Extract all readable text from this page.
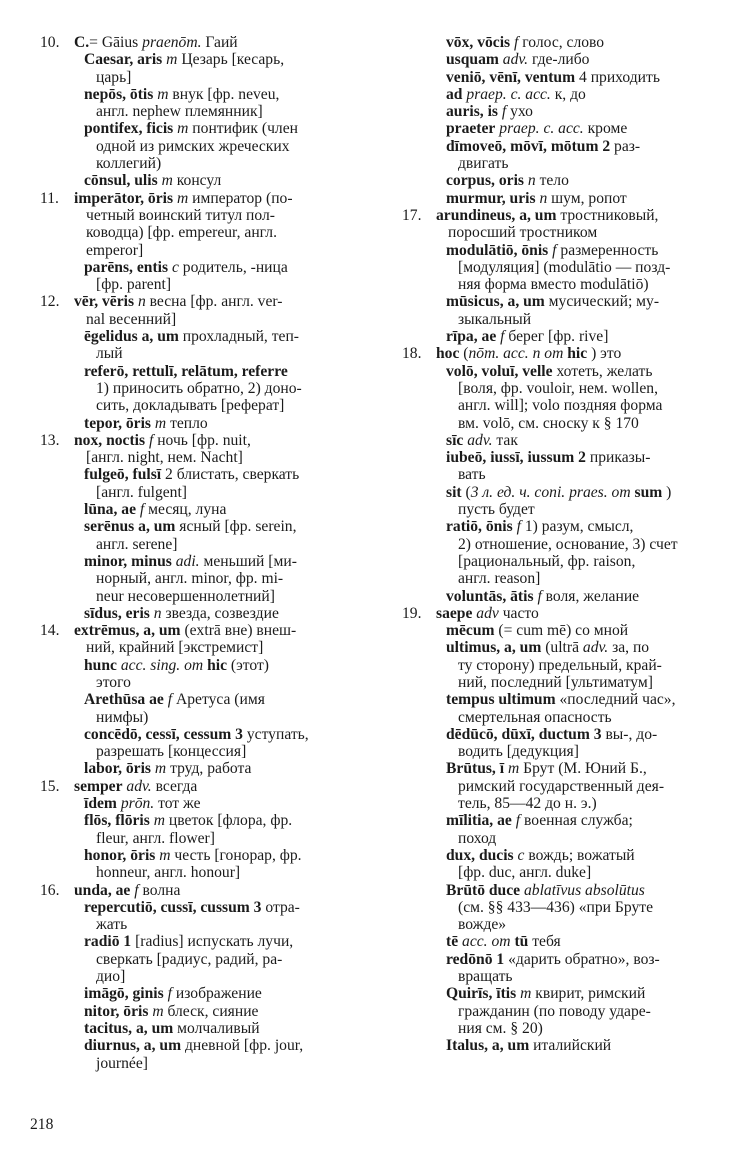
10. C.= Gāius praenōm. Гаий
Caesar, aris m Цезарь [кесарь,
царь]
nepōs, ōtis m внук [фр. neveu,
англ. nephew племянник]
pontifex, ficis m понтифик (член
одной из римских жреческих
коллегий)
cōnsul, ulis m консул
11. imperātor, ōris m император (по-
четный воинский титул пол-
ководца) [фр. empereur, англ.
emperor]
parēns, entis c родитель, -ница
[фр. parent]
12. vēr, vēris n весна [фр. англ. ver-
nal весенний]
ēgelidus a, um прохладный, теп-
лый
referō, rettulī, relātum, referre
1) приносить обратно, 2) доно-
сить, докладывать [реферат]
tepor, ōris m тепло
13. nox, noctis f ночь [фр. nuit,
[англ. night, нем. Nacht]
fulgeō, fulsī 2 блистать, сверкать
[англ. fulgent]
lūna, ae f месяц, луна
serēnus a, um ясный [фр. serein,
англ. serene]
minor, minus adi. меньший [ми-
норный, англ. minor, фр. mi-
neur несовершеннолетний]
sīdus, eris n звезда, созвездие
14. extrēmus, a, um (extrā вне) внеш-
ний, крайний [экстремист]
hunc acc. sing. om hic (этот)
этого
Arethūsa ae f Аретуса (имя
нимфы)
concēdō, cessī, cessum 3 уступать,
разрешать [концессия]
labor, ōris m труд, работа
15. semper adv. всегда
īdem prōn. тот же
flōs, flōris m цветок [флора, фр.
fleur, англ. flower]
honor, ōris m честь [гонорар, фр.
honneur, англ. honour]
16. unda, ae f волна
repercutiō, cussī, cussum 3 отра-
жать
radiō 1 [radius] испускать лучи,
сверкать [радиус, радий, ра-
дио]
imāgō, ginis f изображение
nitor, ōris m блеск, сияние
tacitus, a, um молчаливый
diurnus, a, um дневной [фр. jour,
journée]
vōx, vōcis f голос, слово
usquam adv. где-либо
veniō, vēnī, ventum 4 приходить
ad praep. c. acc. к, до
auris, is f ухо
praeter praep. c. acc. кроме
dīmoveō, mōvī, mōtum 2 раз-
двигать
corpus, oris n тело
murmur, uris n шум, ропот
17. arundineus, a, um тростниковый,
поросший тростником
modulātiō, ōnis f размеренность
[модуляция] (modulātio — позд-
няя форма вместо modulātiō)
mūsicus, a, um мусический; му-
зыкальный
rīpa, ae f берег [фр. rive]
18. hoc (nōm. acc. n om hic ) это
volō, voluī, velle хотеть, желать
[воля, фр. vouloir, нем. wollen,
англ. will]; volo поздняя форма
вм. volō, см. сноску к § 170
sīc adv. так
iubeō, iussī, iussum 2 приказы-
вать
sit (3 л. ед. ч. coni. praes. om sum )
пусть будет
ratiō, ōnis f 1) разум, смысл,
2) отношение, основание, 3) счет
[рациональный, фр. raison,
англ. reason]
voluntās, ātis f воля, желание
19. saepe adv часто
mēcum (= cum mē) со мной
ultimus, a, um (ultrā adv. за, по
ту сторону) предельный, край-
ний, последний [ультиматум]
tempus ultimum «последний час»,
смертельная опасность
dēdūcō, dūxī, ductum 3 вы-, до-
водить [дедукция]
Brūtus, ī m Брут (М. Юний Б.,
римский государственный дея-
тель, 85—42 до н. э.)
mīlitia, ae f военная служба;
поход
dux, ducis c вождь; вожатый
[фр. duc, англ. duke]
Brūtō duce ablatīvus absolūtus
(см. §§ 433—436) «при Бруте
вожде»
tē acc. om tū тебя
redōnō 1 «дарить обратно», воз-
вращать
Quirīs, ītis m квирит, римский
гражданин (по поводу ударе-
ния см. § 20)
Italus, a, um италийский
218
